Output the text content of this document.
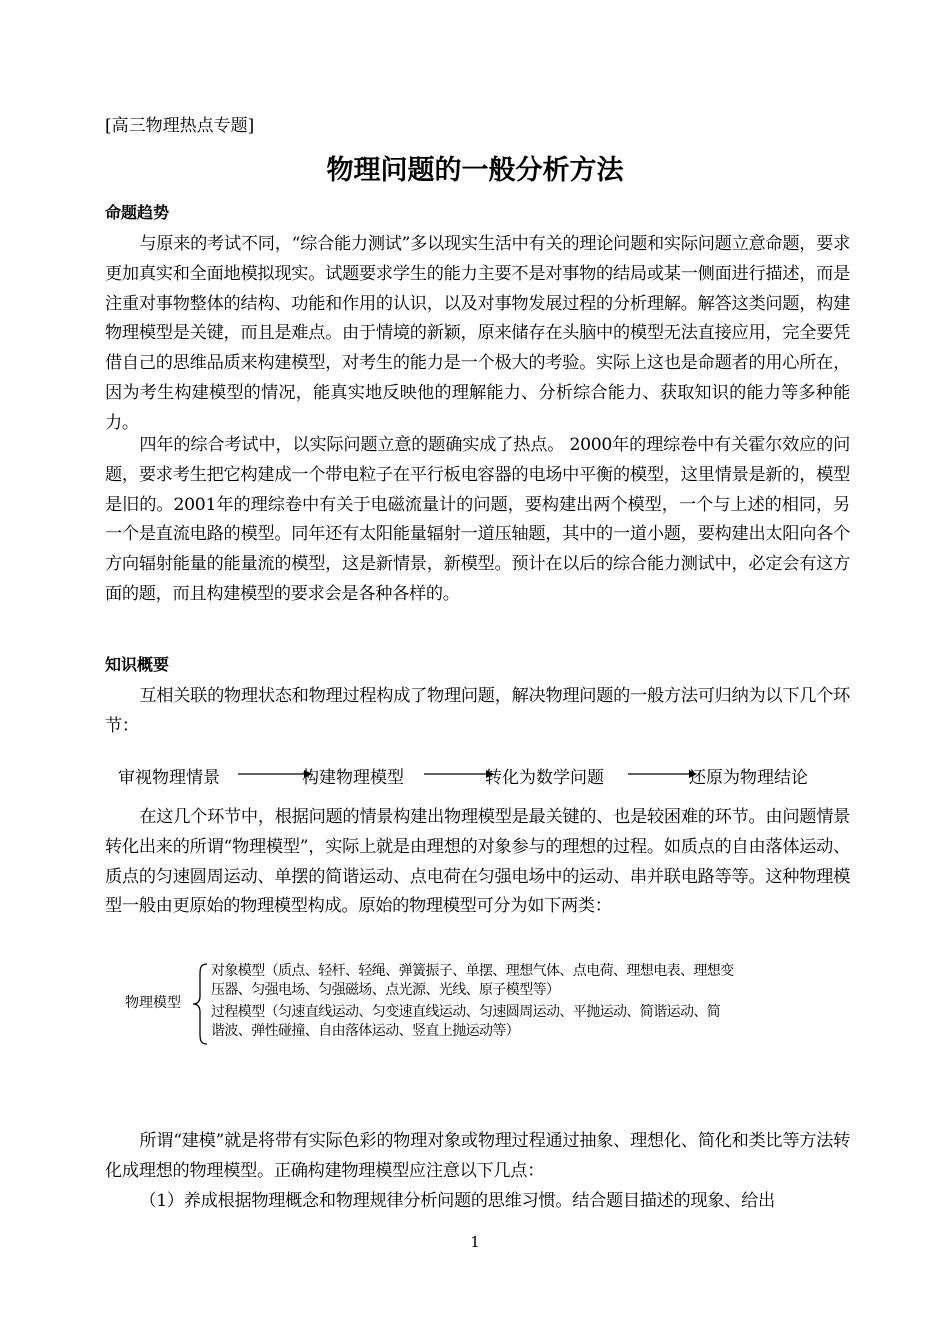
[高三物理热点专题]
物理问题的一般分析方法
命题趋势

与原来的考试不同，“综合能力测试”多以现实生活中有关的理论问题和实际问题立意命题，要求更加真实和全面地模拟现实。试题要求学生的能力主要不是对事物的结局或某一侧面进行描述，而是注重对事物整体的结构、功能和作用的认识，以及对事物发展过程的分析理解。解答这类问题，构建物理模型是关键，而且是难点。由于情境的新颖，原来储存在头脑中的模型无法直接应用，完全要凭借自己的思维品质来构建模型，对考生的能力是一个极大的考验。实际上这也是命题者的用心所在，因为考生构建模型的情况，能真实地反映他的理解能力、分析综合能力、获取知识的能力等多种能力。

四年的综合考试中，以实际问题立意的题确实成了热点。 2000年的理综卷中有关霍尔效应的问题，要求考生把它构建成一个带电粒子在平行板电容器的电场中平衡的模型，这里情景是新的，模型是旧的。2001年的理综卷中有关于电磁流量计的问题，要构建出两个模型，一个与上述的相同，另一个是直流电路的模型。同年还有太阳能量辐射一道压轴题，其中的一道小题，要构建出太阳向各个方向辐射能量的能量流的模型，这是新情景，新模型。预计在以后的综合能力测试中，必定会有这方面的题，而且构建模型的要求会是各种各样的。

知识概要

互相关联的物理状态和物理过程构成了物理问题，解决物理问题的一般方法可归纳为以下几个环节：

审视物理情景	构建物理模型	转化为数学问题	还原为物理结论

在这几个环节中，根据问题的情景构建出物理模型是最关键的、也是较困难的环节。由问题情景转化出来的所谓“物理模型”，实际上就是由理想的对象参与的理想的过程。如质点的自由落体运动、质点的匀速圆周运动、单摆的简谐运动、点电荷在匀强电场中的运动、串并联电路等等。这种物理模型一般由更原始的物理模型构成。原始的物理模型可分为如下两类：

物理模型
对象模型（质点、轻杆、轻绳、弹簧振子、单摆、理想气体、点电荷、理想电表、理想变
压器、匀强电场、匀强磁场、点光源、光线、原子模型等）
过程模型（匀速直线运动、匀变速直线运动、匀速圆周运动、平抛运动、简谐运动、简
谐波、弹性碰撞、自由落体运动、竖直上抛运动等）

所谓“建模”就是将带有实际色彩的物理对象或物理过程通过抽象、理想化、简化和类比等方法转化成理想的物理模型。正确构建物理模型应注意以下几点：

（1）养成根据物理概念和物理规律分析问题的思维习惯。结合题目描述的现象、给出

1
